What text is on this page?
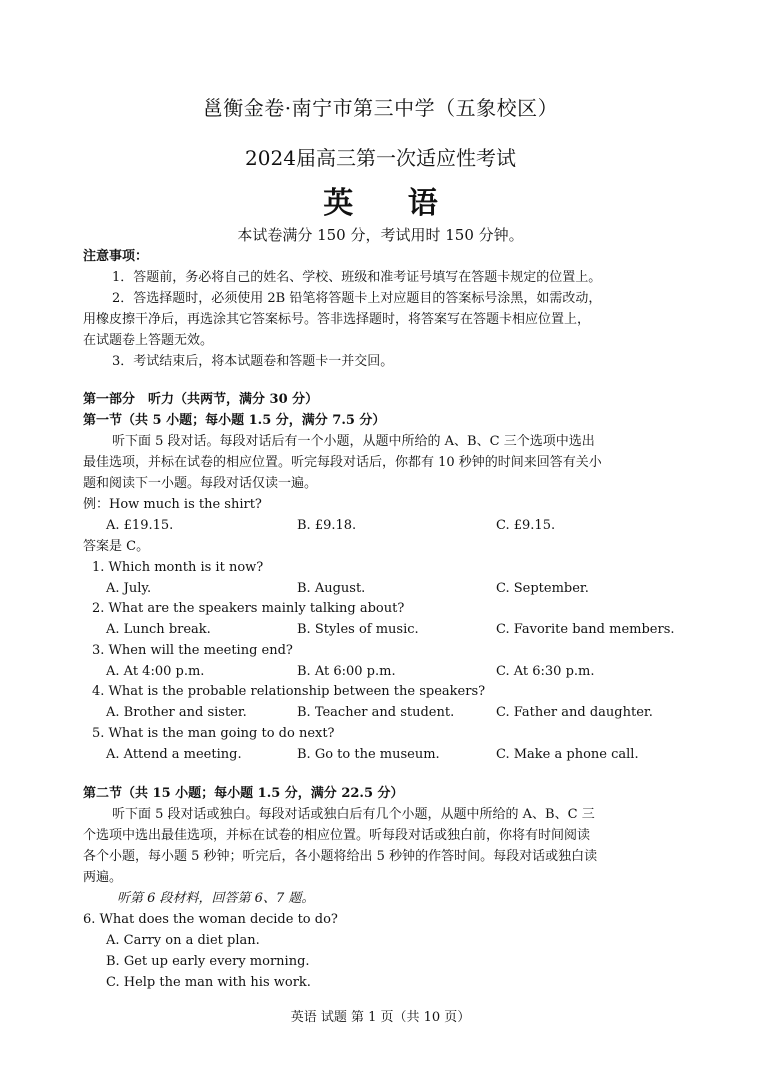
邕衡金卷·南宁市第三中学（五象校区）
2024届高三第一次适应性考试
英 语
本试卷满分 150 分，考试用时 150 分钟。
注意事项：
1．答题前，务必将自己的姓名、学校、班级和准考证号填写在答题卡规定的位置上。
2．答选择题时，必须使用 2B 铅笔将答题卡上对应题目的答案标号涂黑，如需改动，
用橡皮擦干净后，再选涂其它答案标号。答非选择题时，将答案写在答题卡相应位置上，
在试题卷上答题无效。
3．考试结束后，将本试题卷和答题卡一并交回。
第一部分　听力（共两节，满分 30 分）
第一节（共 5 小题；每小题 1.5 分，满分 7.5 分）
听下面 5 段对话。每段对话后有一个小题，从题中所给的 A、B、C 三个选项中选出
最佳选项，并标在试卷的相应位置。听完每段对话后，你都有 10 秒钟的时间来回答有关小
题和阅读下一小题。每段对话仅读一遍。
例：How much is the shirt?
A. £19.15.	B. £9.18.	C. £9.15.
答案是 C。
1. Which month is it now?
A. July.	B. August.	C. September.
2. What are the speakers mainly talking about?
A. Lunch break.	B. Styles of music.	C. Favorite band members.
3. When will the meeting end?
A. At 4:00 p.m.	B. At 6:00 p.m.	C. At 6:30 p.m.
4. What is the probable relationship between the speakers?
A. Brother and sister.	B. Teacher and student.	C. Father and daughter.
5. What is the man going to do next?
A. Attend a meeting.	B. Go to the museum.	C. Make a phone call.
第二节（共 15 小题；每小题 1.5 分，满分 22.5 分）
听下面 5 段对话或独白。每段对话或独白后有几个小题，从题中所给的 A、B、C 三
个选项中选出最佳选项，并标在试卷的相应位置。听每段对话或独白前，你将有时间阅读
各个小题，每小题 5 秒钟；听完后，各小题将给出 5 秒钟的作答时间。每段对话或独白读
两遍。
听第 6 段材料，回答第 6、7 题。
6. What does the woman decide to do?
A. Carry on a diet plan.
B. Get up early every morning.
C. Help the man with his work.
英语 试题 第 1 页（共 10 页）
